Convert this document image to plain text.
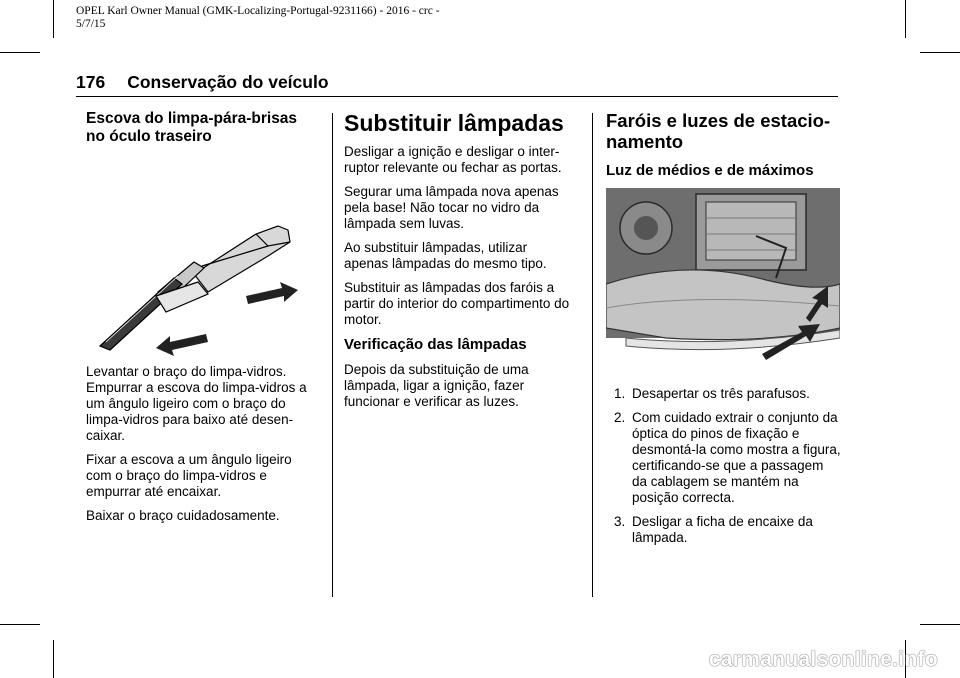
OPEL Karl Owner Manual (GMK-Localizing-Portugal-9231166) - 2016 - crc -
5/7/15
176 Conservação do veículo
Escova do limpa-pára-brisas no óculo traseiro

Levantar o braço do limpa-vidros. Empurrar a escova do limpa-vidros a um ângulo ligeiro com o braço do limpa-vidros para baixo até desen-caixar.

Fixar a escova a um ângulo ligeiro com o braço do limpa-vidros e empurrar até encaixar.

Baixar o braço cuidadosamente.

Substituir lâmpadas

Desligar a ignição e desligar o inter-ruptor relevante ou fechar as portas.

Segurar uma lâmpada nova apenas pela base! Não tocar no vidro da lâmpada sem luvas.

Ao substituir lâmpadas, utilizar apenas lâmpadas do mesmo tipo.

Substituir as lâmpadas dos faróis a partir do interior do compartimento do motor.

Verificação das lâmpadas

Depois da substituição de uma lâmpada, ligar a ignição, fazer funcionar e verificar as luzes.

Faróis e luzes de estacio-namento
Luz de médios e de máximos
1. Desapertar os três parafusos.
2. Com cuidado extrair o conjunto da óptica do pinos de fixação e desmontá-la como mostra a figura, certificando-se que a passagem da cablagem se mantém na posição correcta.
3. Desligar a ficha de encaixe da lâmpada.
carmanualsonline.info
